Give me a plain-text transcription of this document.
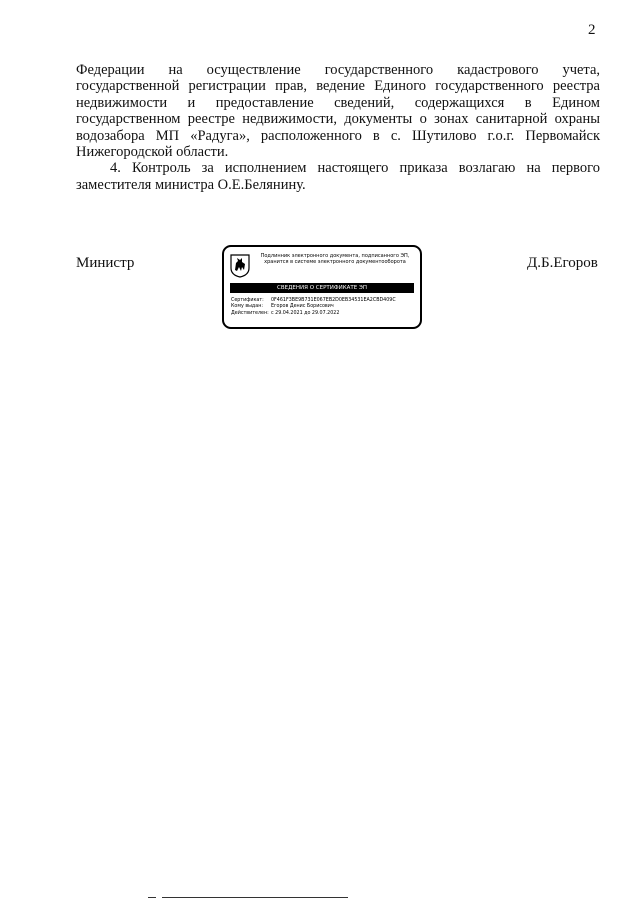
2

Федерации на осуществление государственного кадастрового учета, государственной регистрации прав, ведение Единого государственного реестра недвижимости и предоставление сведений, содержащихся в Едином государственном реестре недвижимости, документы о зонах санитарной охраны водозабора МП «Радуга», расположенного в с. Шутилово г.о.г. Первомайск Нижегородской области.

4. Контроль за исполнением настоящего приказа возлагаю на первого заместителя министра О.Е.Белянину.

Министр	Д.Б.Егоров
Подлинник электронного документа, подписанного ЭП,
хранится в системе электронного документооборота
СВЕДЕНИЯ О СЕРТИФИКАТЕ ЭП
Сертификат: 0F461F3BE9B731E067EB2D0EB34531EA2CBD409C
Кому выдан: Егоров Денис Борисович
Действителен: с 29.04.2021 до 29.07.2022
